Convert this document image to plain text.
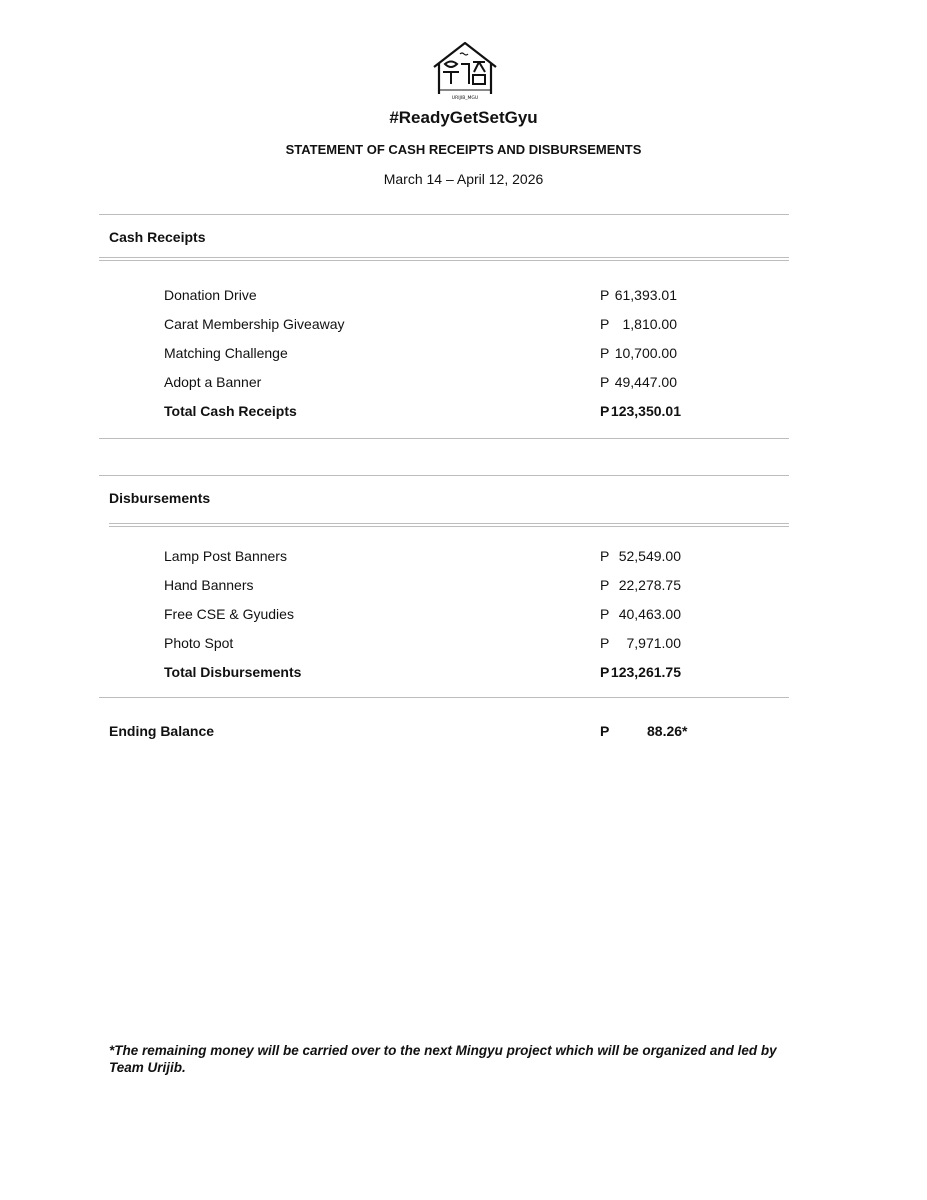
URIJIB_MGU
#ReadyGetSetGyu
STATEMENT OF CASH RECEIPTS AND DISBURSEMENTS
March 14 – April 12, 2026
Cash Receipts
Donation Drive	P 61,393.01
Carat Membership Giveaway	P 1,810.00
Matching Challenge	P 10,700.00
Adopt a Banner	P 49,447.00
Total Cash Receipts	P 123,350.01
Disbursements
Lamp Post Banners	P 52,549.00
Hand Banners	P 22,278.75
Free CSE & Gyudies	P 40,463.00
Photo Spot	P 7,971.00
Total Disbursements	P 123,261.75
Ending Balance	P	88.26*
*The remaining money will be carried over to the next Mingyu project which will be organized and led by Team Urijib.
